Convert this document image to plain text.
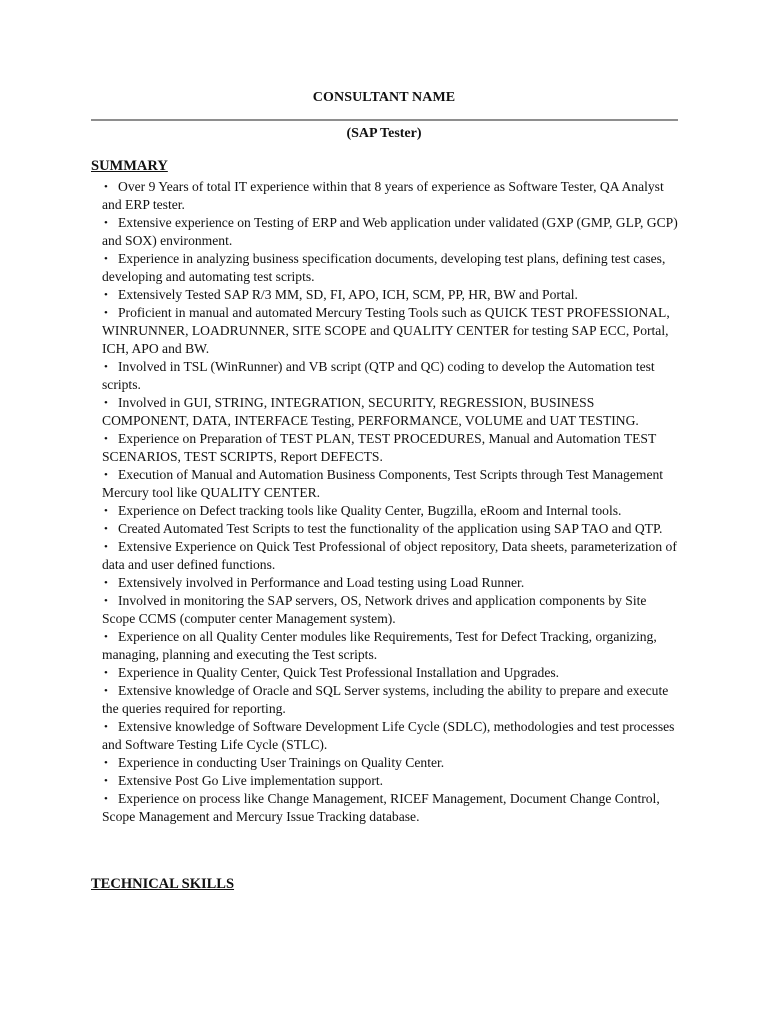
CONSULTANT NAME
(SAP Tester)
SUMMARY
• Over 9 Years of total IT experience within that 8 years of experience as Software Tester, QA Analyst and ERP tester.
• Extensive experience on Testing of ERP and Web application under validated (GXP (GMP, GLP, GCP) and SOX) environment.
• Experience in analyzing business specification documents, developing test plans, defining test cases, developing and automating test scripts.
• Extensively Tested SAP R/3 MM, SD, FI, APO, ICH, SCM, PP, HR, BW and Portal.
• Proficient in manual and automated Mercury Testing Tools such as QUICK TEST PROFESSIONAL, WINRUNNER, LOADRUNNER, SITE SCOPE and QUALITY CENTER for testing SAP ECC, Portal, ICH, APO and BW.
• Involved in TSL (WinRunner) and VB script (QTP and QC) coding to develop the Automation test scripts.
• Involved in GUI, STRING, INTEGRATION, SECURITY, REGRESSION, BUSINESS COMPONENT, DATA, INTERFACE Testing, PERFORMANCE, VOLUME and UAT TESTING.
• Experience on Preparation of TEST PLAN, TEST PROCEDURES, Manual and Automation TEST SCENARIOS, TEST SCRIPTS, Report DEFECTS.
• Execution of Manual and Automation Business Components, Test Scripts through Test Management Mercury tool like QUALITY CENTER.
• Experience on Defect tracking tools like Quality Center, Bugzilla, eRoom and Internal tools.
• Created Automated Test Scripts to test the functionality of the application using SAP TAO and QTP.
• Extensive Experience on Quick Test Professional of object repository, Data sheets, parameterization of data and user defined functions.
• Extensively involved in Performance and Load testing using Load Runner.
• Involved in monitoring the SAP servers, OS, Network drives and application components by Site Scope CCMS (computer center Management system).
• Experience on all Quality Center modules like Requirements, Test for Defect Tracking, organizing, managing, planning and executing the Test scripts.
• Experience in Quality Center, Quick Test Professional Installation and Upgrades.
• Extensive knowledge of Oracle and SQL Server systems, including the ability to prepare and execute the queries required for reporting.
• Extensive knowledge of Software Development Life Cycle (SDLC), methodologies and test processes and Software Testing Life Cycle (STLC).
• Experience in conducting User Trainings on Quality Center.
• Extensive Post Go Live implementation support.
• Experience on process like Change Management, RICEF Management, Document Change Control, Scope Management and Mercury Issue Tracking database.
TECHNICAL SKILLS
